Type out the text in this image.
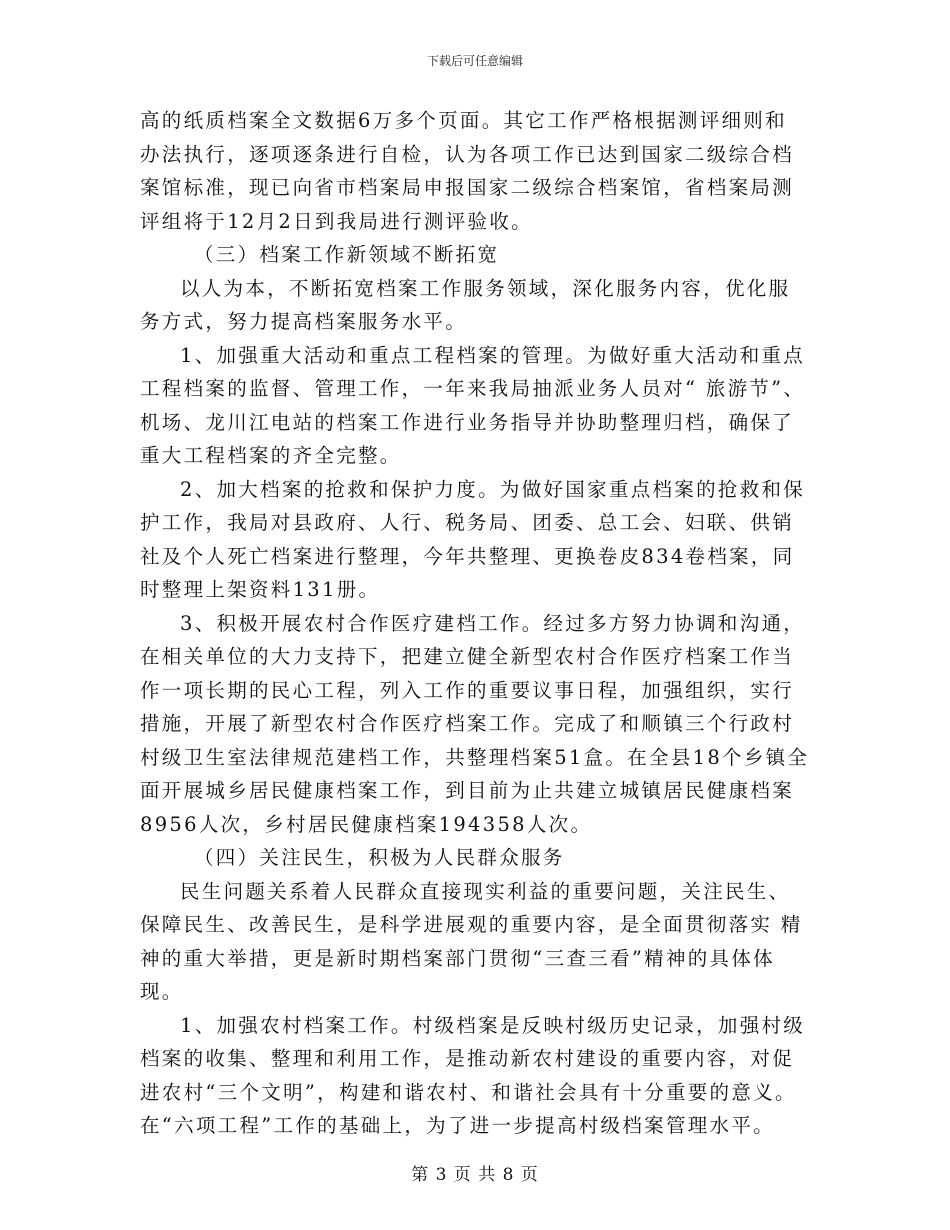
下载后可任意编辑
高的纸质档案全文数据6万多个页面。其它工作严格根据测评细则和
办法执行，逐项逐条进行自检，认为各项工作已达到国家二级综合档
案馆标准，现已向省市档案局申报国家二级综合档案馆，省档案局测
评组将于12月2日到我局进行测评验收。
（三）档案工作新领域不断拓宽
以人为本，不断拓宽档案工作服务领域，深化服务内容，优化服
务方式，努力提高档案服务水平。
1、加强重大活动和重点工程档案的管理。为做好重大活动和重点
工程档案的监督、管理工作，一年来我局抽派业务人员对“ 旅游节”、
机场、龙川江电站的档案工作进行业务指导并协助整理归档，确保了
重大工程档案的齐全完整。
2、加大档案的抢救和保护力度。为做好国家重点档案的抢救和保
护工作，我局对县政府、人行、税务局、团委、总工会、妇联、供销
社及个人死亡档案进行整理，今年共整理、更换卷皮834卷档案，同
时整理上架资料131册。
3、积极开展农村合作医疗建档工作。经过多方努力协调和沟通，
在相关单位的大力支持下，把建立健全新型农村合作医疗档案工作当
作一项长期的民心工程，列入工作的重要议事日程，加强组织，实行
措施，开展了新型农村合作医疗档案工作。完成了和顺镇三个行政村
村级卫生室法律规范建档工作，共整理档案51盒。在全县18个乡镇全
面开展城乡居民健康档案工作，到目前为止共建立城镇居民健康档案
8956人次，乡村居民健康档案194358人次。
（四）关注民生，积极为人民群众服务
民生问题关系着人民群众直接现实利益的重要问题，关注民生、
保障民生、改善民生，是科学进展观的重要内容，是全面贯彻落实 精
神的重大举措，更是新时期档案部门贯彻“三查三看”精神的具体体
现。
1、加强农村档案工作。村级档案是反映村级历史记录，加强村级
档案的收集、整理和利用工作，是推动新农村建设的重要内容，对促
进农村“三个文明”，构建和谐农村、和谐社会具有十分重要的意义。
在“六项工程”工作的基础上，为了进一步提高村级档案管理水平。
第 3 页 共 8 页
